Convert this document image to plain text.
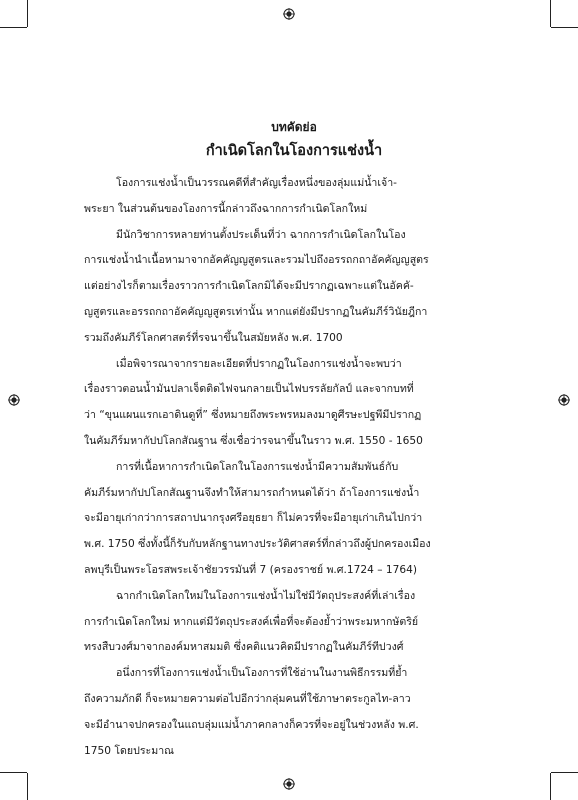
บทคัดย่อ

กำเนิดโลกในโองการแช่งน้ำ

โองการแช่งน้ำเป็นวรรณคดีที่สำคัญเรื่องหนึ่งของลุ่มแม่น้ำเจ้า-
พระยา ในส่วนต้นของโองการนี้กล่าวถึงฉากการกำเนิดโลกใหม่

มีนักวิชาการหลายท่านตั้งประเด็นที่ว่า ฉากการกำเนิดโลกในโอง
การแช่งน้ำนำเนื้อหามาจากอัคคัญญสูตรและรวมไปถึงอรรถกถาอัคคัญญสูตร
แต่อย่างไรก็ตามเรื่องราวการกำเนิดโลกมิได้จะมีปรากฏเฉพาะแต่ในอัคคั-
ญสูตรและอรรถกถาอัคคัญญสูตรเท่านั้น หากแต่ยังมีปรากฏในคัมภีร์วินัยฎีกา
รวมถึงคัมภีร์โลกศาสตร์ที่รจนาขึ้นในสมัยหลัง พ.ศ. 1700

เมื่อพิจารณาจากรายละเอียดที่ปรากฏในโองการแช่งน้ำจะพบว่า
เรื่องราวตอนน้ำมันปลาเจ็ดติดไฟจนกลายเป็นไฟบรรลัยกัลป์ และจากบทที่
ว่า “ขุนแผนแรกเอาดินดูที่” ซึ่งหมายถึงพระพรหมลงมาดูศีรษะปฐพีมีปรากฏ
ในคัมภีร์มหากัปปโลกสัณฐาน ซึ่งเชื่อว่ารจนาขึ้นในราว พ.ศ. 1550 - 1650

การที่เนื้อหาการกำเนิดโลกในโองการแช่งน้ำมีความสัมพันธ์กับ
คัมภีร์มหากัปปโลกสัณฐานจึงทำให้สามารถกำหนดได้ว่า ถ้าโองการแช่งน้ำ
จะมีอายุเก่ากว่าการสถาปนากรุงศรีอยุธยา ก็ไม่ควรที่จะมีอายุเก่าเกินไปกว่า
พ.ศ. 1750 ซึ่งทั้งนี้ก็รับกับหลักฐานทางประวัติศาสตร์ที่กล่าวถึงผู้ปกครองเมือง
ลพบุรีเป็นพระโอรสพระเจ้าชัยวรรมันที่ 7 (ครองราชย์ พ.ศ.1724 – 1764)

ฉากกำเนิดโลกใหม่ในโองการแช่งน้ำไม่ใช่มีวัตถุประสงค์ที่เล่าเรื่อง
การกำเนิดโลกใหม่ หากแต่มีวัตถุประสงค์เพื่อที่จะต้องย้ำว่าพระมหากษัตริย์
ทรงสืบวงศ์มาจากองค์มหาสมมติ ซึ่งคติแนวคิดมีปรากฏในคัมภีร์ทีปวงศ์

อนึ่งการที่โองการแช่งน้ำเป็นโองการที่ใช้อ่านในงานพิธีกรรมที่ย้ำ
ถึงความภักดี ก็จะหมายความต่อไปอีกว่ากลุ่มคนที่ใช้ภาษาตระกูลไท-ลาว
จะมีอำนาจปกครองในแถบลุ่มแม่น้ำภาคกลางก็ควรที่จะอยู่ในช่วงหลัง พ.ศ.
1750 โดยประมาณ
